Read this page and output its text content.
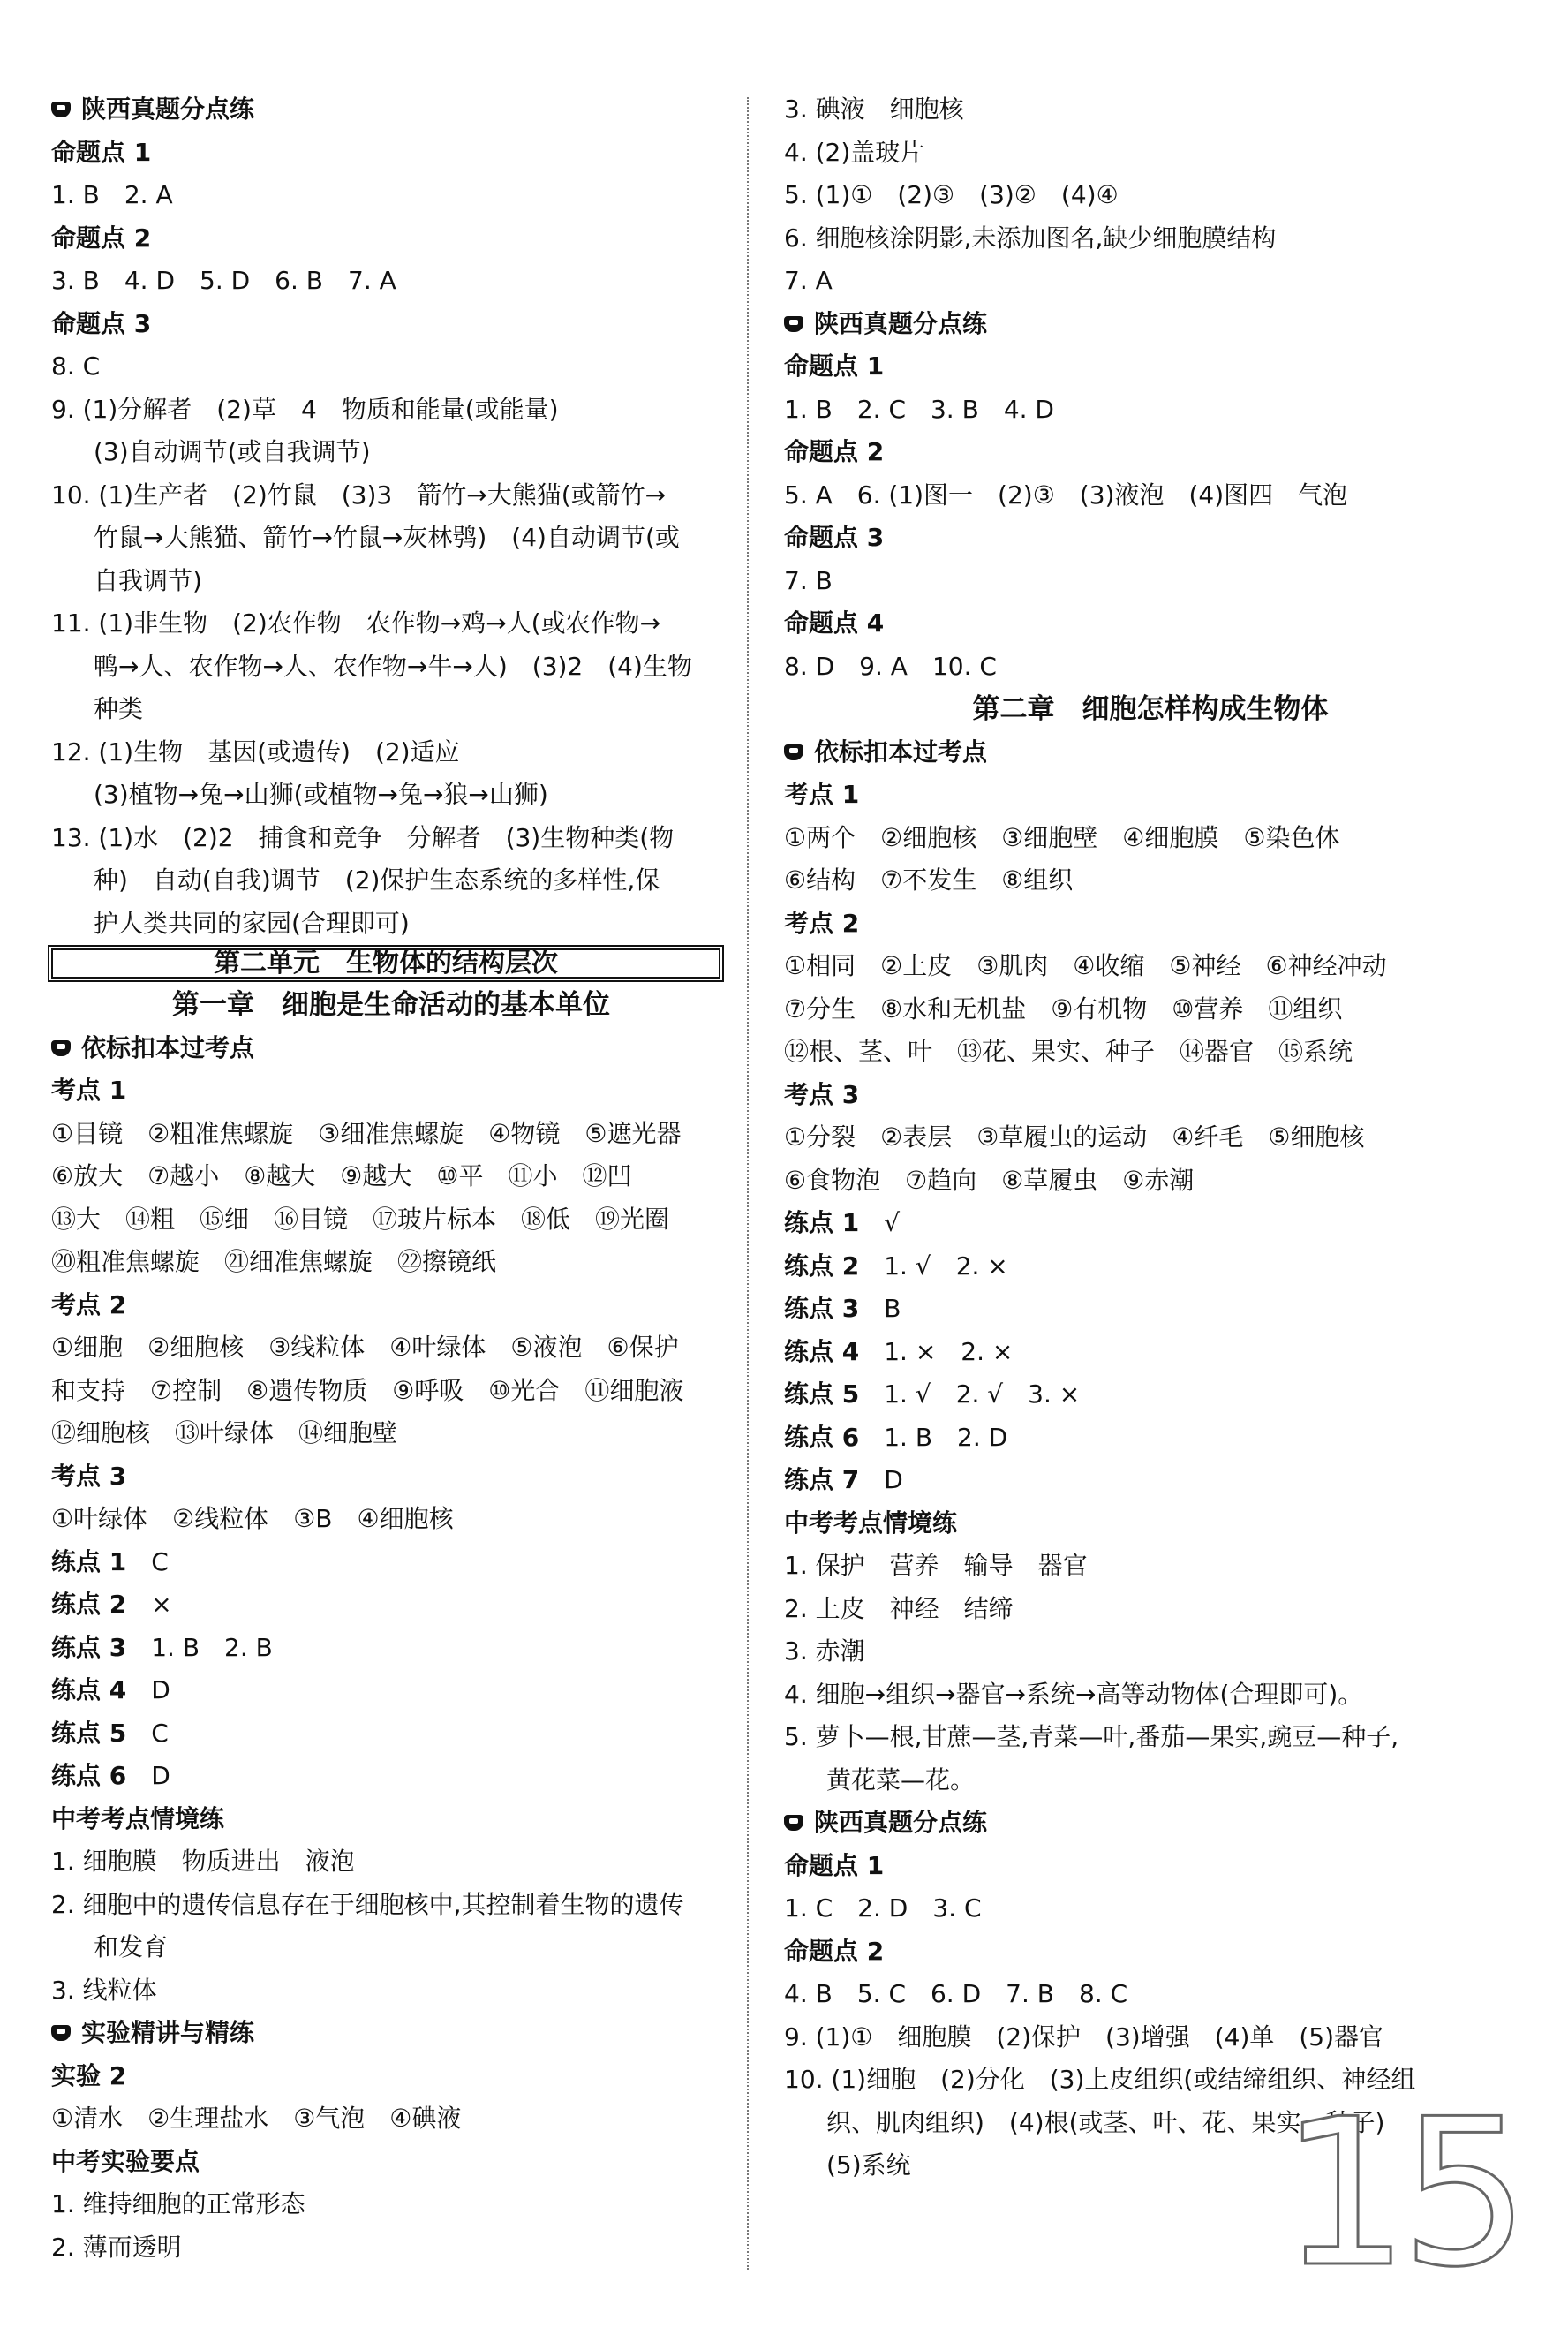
陕西真题分点练
命题点 1
1. B　2. A
命题点 2
3. B　4. D　5. D　6. B　7. A
命题点 3
8. C
9. (1)分解者　(2)草　4　物质和能量(或能量)
(3)自动调节(或自我调节)
10. (1)生产者　(2)竹鼠　(3)3　箭竹→大熊猫(或箭竹→
竹鼠→大熊猫、箭竹→竹鼠→灰林鸮)　(4)自动调节(或
自我调节)
11. (1)非生物　(2)农作物　农作物→鸡→人(或农作物→
鸭→人、农作物→人、农作物→牛→人)　(3)2　(4)生物
种类
12. (1)生物　基因(或遗传)　(2)适应
(3)植物→兔→山狮(或植物→兔→狼→山狮)
13. (1)水　(2)2　捕食和竞争　分解者　(3)生物种类(物
种)　自动(自我)调节　(2)保护生态系统的多样性,保
护人类共同的家园(合理即可)
第二单元　生物体的结构层次
第一章　细胞是生命活动的基本单位
依标扣本过考点
考点 1
①目镜　②粗准焦螺旋　③细准焦螺旋　④物镜　⑤遮光器
⑥放大　⑦越小　⑧越大　⑨越大　⑩平　⑪小　⑫凹
⑬大　⑭粗　⑮细　⑯目镜　⑰玻片标本　⑱低　⑲光圈
⑳粗准焦螺旋　㉑细准焦螺旋　㉒擦镜纸
考点 2
①细胞　②细胞核　③线粒体　④叶绿体　⑤液泡　⑥保护
和支持　⑦控制　⑧遗传物质　⑨呼吸　⑩光合　⑪细胞液
⑫细胞核　⑬叶绿体　⑭细胞壁
考点 3
①叶绿体　②线粒体　③B　④细胞核
练点 1　C
练点 2　×
练点 3　1. B　2. B
练点 4　D
练点 5　C
练点 6　D
中考考点情境练
1. 细胞膜　物质进出　液泡
2. 细胞中的遗传信息存在于细胞核中,其控制着生物的遗传
和发育
3. 线粒体
实验精讲与精练
实验 2
①清水　②生理盐水　③气泡　④碘液
中考实验要点
1. 维持细胞的正常形态
2. 薄而透明
3. 碘液　细胞核
4. (2)盖玻片
5. (1)①　(2)③　(3)②　(4)④
6. 细胞核涂阴影,未添加图名,缺少细胞膜结构
7. A
陕西真题分点练
命题点 1
1. B　2. C　3. B　4. D
命题点 2
5. A　6. (1)图一　(2)③　(3)液泡　(4)图四　气泡
命题点 3
7. B
命题点 4
8. D　9. A　10. C
第二章　细胞怎样构成生物体
依标扣本过考点
考点 1
①两个　②细胞核　③细胞壁　④细胞膜　⑤染色体
⑥结构　⑦不发生　⑧组织
考点 2
①相同　②上皮　③肌肉　④收缩　⑤神经　⑥神经冲动
⑦分生　⑧水和无机盐　⑨有机物　⑩营养　⑪组织
⑫根、茎、叶　⑬花、果实、种子　⑭器官　⑮系统
考点 3
①分裂　②表层　③草履虫的运动　④纤毛　⑤细胞核
⑥食物泡　⑦趋向　⑧草履虫　⑨赤潮
练点 1　√
练点 2　1. √　2. ×
练点 3　B
练点 4　1. ×　2. ×
练点 5　1. √　2. √　3. ×
练点 6　1. B　2. D
练点 7　D
中考考点情境练
1. 保护　营养　输导　器官
2. 上皮　神经　结缔
3. 赤潮
4. 细胞→组织→器官→系统→高等动物体(合理即可)。
5. 萝卜—根,甘蔗—茎,青菜—叶,番茄—果实,豌豆—种子,
黄花菜—花。
陕西真题分点练
命题点 1
1. C　2. D　3. C
命题点 2
4. B　5. C　6. D　7. B　8. C
9. (1)①　细胞膜　(2)保护　(3)增强　(4)单　(5)器官
10. (1)细胞　(2)分化　(3)上皮组织(或结缔组织、神经组
织、肌肉组织)　(4)根(或茎、叶、花、果实、种子)
(5)系统	15
